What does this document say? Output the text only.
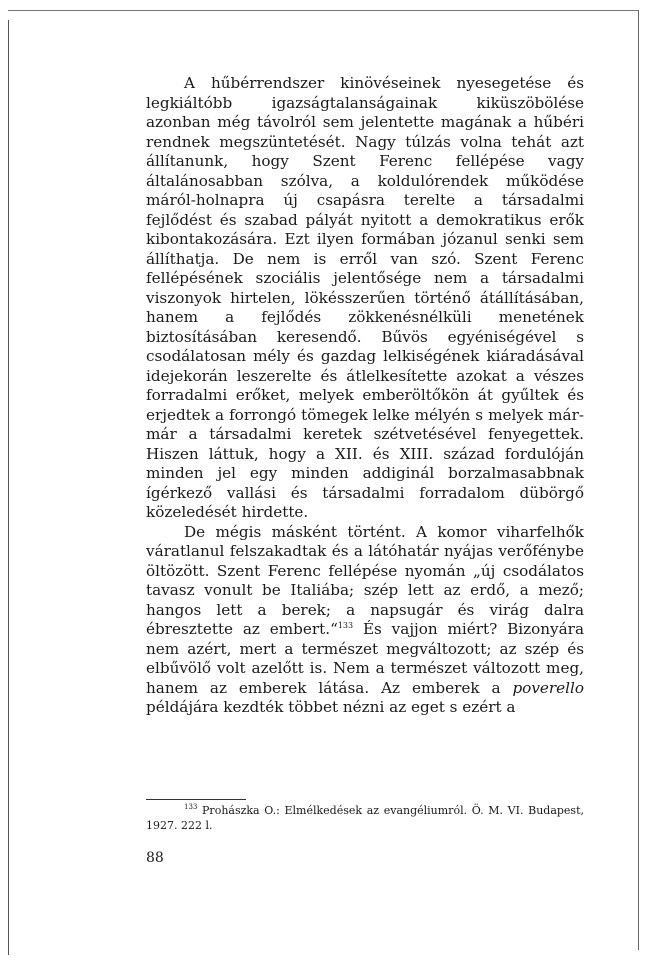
A hűbérrendszer kinövéseinek nyesegetése és legkiáltóbb igazságtalanságainak kiküszöbölése azonban még távolról sem jelentette magának a hűbéri rendnek megszüntetését. Nagy túlzás volna tehát azt állítanunk, hogy Szent Ferenc fellépése vagy általánosabban szólva, a koldulórendek működése máról-holnapra új csapásra terelte a társadalmi fejlődést és szabad pályát nyitott a demokratikus erők kibontakozására. Ezt ilyen formában józanul senki sem állíthatja. De nem is erről van szó. Szent Ferenc fellépésének szociális jelentősége nem a társadalmi viszonyok hirtelen, lökésszerűen történő átállításában, hanem a fejlődés zökkenésnélküli menetének biztosításában keresendő. Bűvös egyéniségével s csodálatosan mély és gazdag lelkiségének kiáradásával idejekorán leszerelte és átlelkesítette azokat a vészes forradalmi erőket, melyek emberöltőkön át gyűltek és erjedtek a forrongó tömegek lelke mélyén s melyek már-már a társadalmi keretek szétvetésével fenyegettek. Hiszen láttuk, hogy a XII. és XIII. század fordulóján minden jel egy minden addiginál borzalmasabbnak ígérkező vallási és társadalmi forradalom dübörgő közeledését hirdette.

De mégis másként történt. A komor viharfelhők váratlanul felszakadtak és a látóhatár nyájas verőfénybe öltözött. Szent Ferenc fellépése nyomán „új csodálatos tavasz vonult be Italiába; szép lett az erdő, a mező; hangos lett a berek; a napsugár és virág dalra ébresztette az embert.“$^{133}$ És vajjon miért? Bizonyára nem azért, mert a természet megváltozott; az szép és elbűvölő volt azelőtt is. Nem a természet változott meg, hanem az emberek látása. Az emberek a poverello példájára kezdték többet nézni az eget s ezért a

$^{133}$ Prohászka O.: Elmélkedések az evangéliumról. Ö. M. VI. Budapest, 1927. 222 l.
88
